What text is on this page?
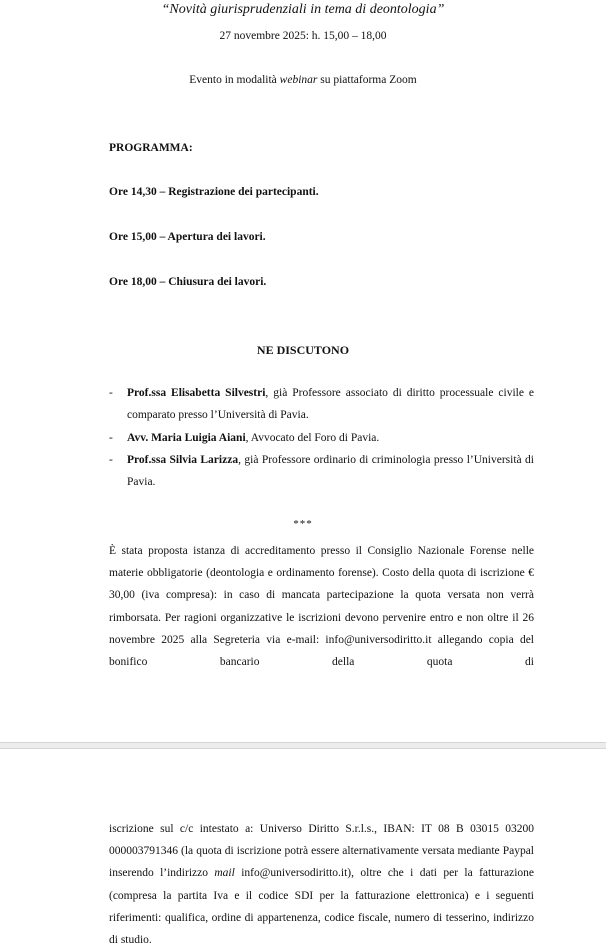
“Novità giurisprudenziali in tema di deontologia”
27 novembre 2025: h. 15,00 – 18,00
Evento in modalità webinar su piattaforma Zoom
PROGRAMMA:
Ore 14,30 – Registrazione dei partecipanti.
Ore 15,00 – Apertura dei lavori.
Ore 18,00 – Chiusura dei lavori.
NE DISCUTONO
- Prof.ssa Elisabetta Silvestri, già Professore associato di diritto processuale civile e comparato presso l’Università di Pavia.
- Avv. Maria Luigia Aiani, Avvocato del Foro di Pavia.
- Prof.ssa Silvia Larizza, già Professore ordinario di criminologia presso l’Università di Pavia.
***
È stata proposta istanza di accreditamento presso il Consiglio Nazionale Forense nelle materie obbligatorie (deontologia e ordinamento forense). Costo della quota di iscrizione € 30,00 (iva compresa): in caso di mancata partecipazione la quota versata non verrà rimborsata. Per ragioni organizzative le iscrizioni devono pervenire entro e non oltre il 26 novembre 2025 alla Segreteria via e-mail: info@universodiritto.it allegando copia del bonifico bancario della quota di
iscrizione sul c/c intestato a: Universo Diritto S.r.l.s., IBAN: IT 08 B 03015 03200 000003791346 (la quota di iscrizione potrà essere alternativamente versata mediante Paypal inserendo l’indirizzo mail info@universodiritto.it), oltre che i dati per la fatturazione (compresa la partita Iva e il codice SDI per la fatturazione elettronica) e i seguenti riferimenti: qualifica, ordine di appartenenza, codice fiscale, numero di tesserino, indirizzo di studio.
